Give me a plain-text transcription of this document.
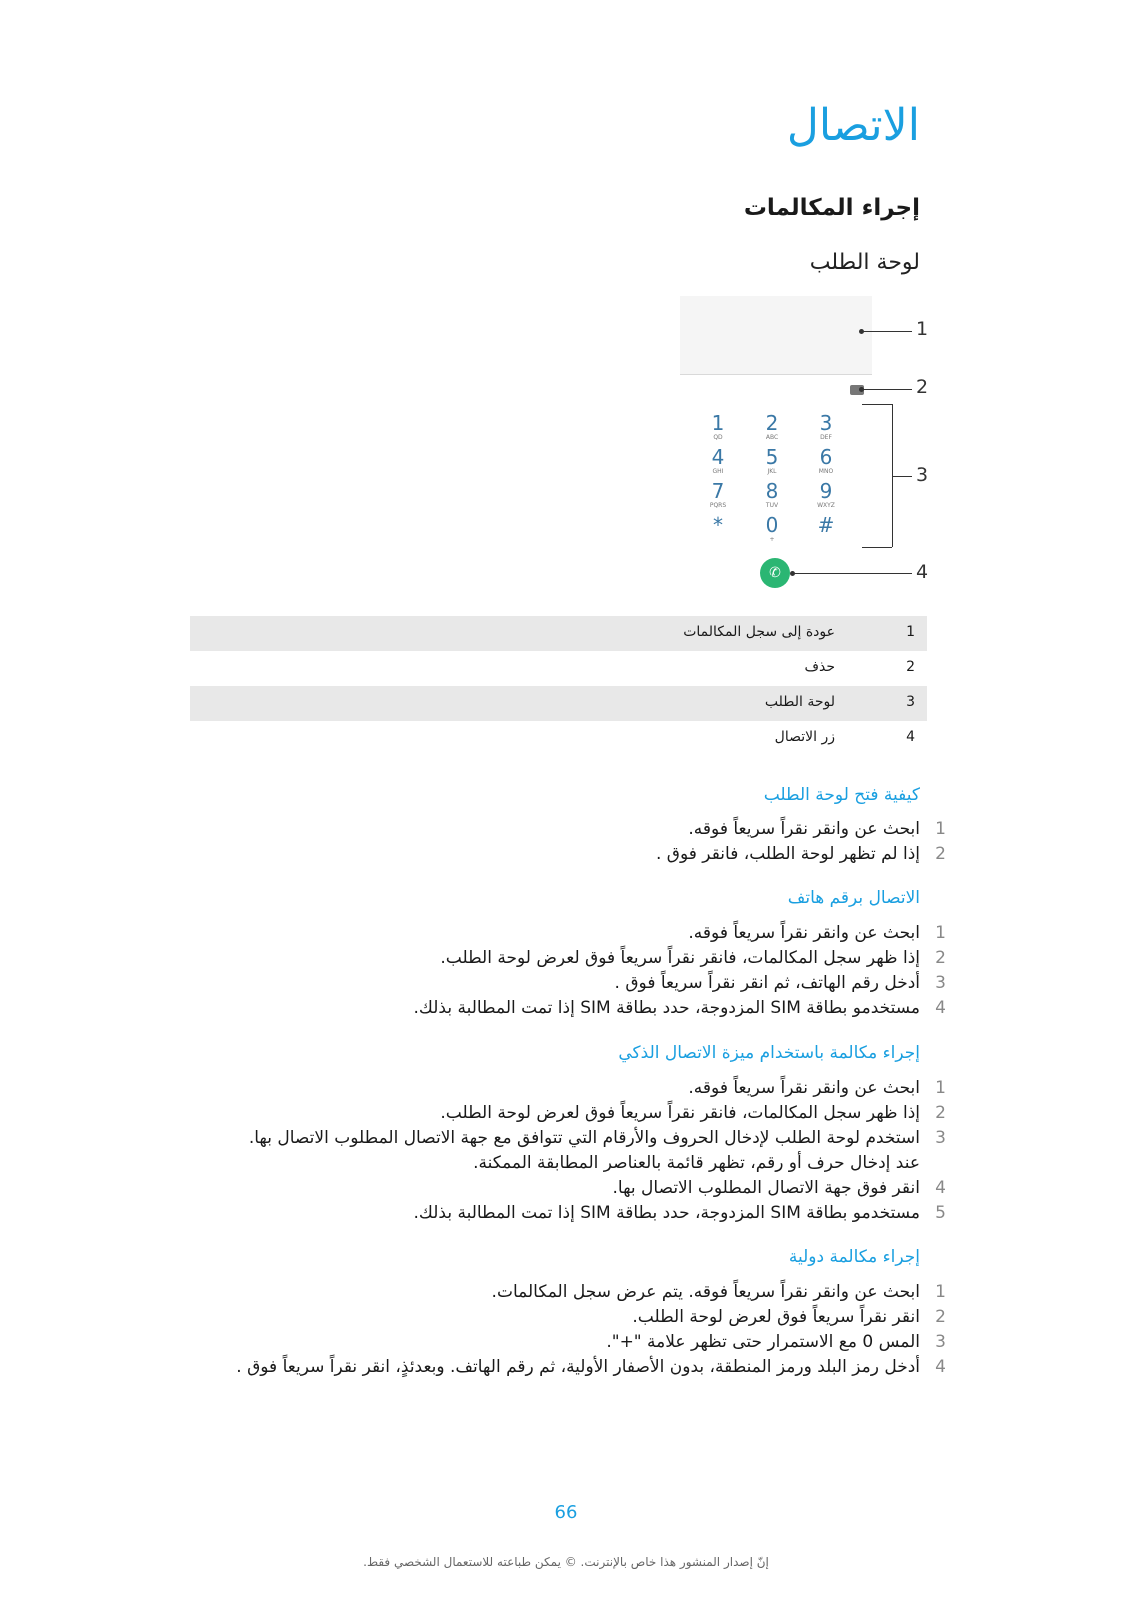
الاتصال
إجراء المكالمات
لوحة الطلب
1
QD
2
ABC
3
DEF
4
GHI
5
JKL
6
MNO
7
PQRS
8
TUV
9
WXYZ
*	0
+
#
✆
1
2
3
4
1
عودة إلى سجل المكالمات
2
حذف
3
لوحة الطلب
4
زر الاتصال
كيفية فتح لوحة الطلب
1
ابحث عن وانقر نقراً سريعاً فوقه.
2
إذا لم تظهر لوحة الطلب، فانقر فوق .
الاتصال برقم هاتف
1
ابحث عن وانقر نقراً سريعاً فوقه.
2
إذا ظهر سجل المكالمات، فانقر نقراً سريعاً فوق لعرض لوحة الطلب.
3
أدخل رقم الهاتف، ثم انقر نقراً سريعاً فوق .
4
مستخدمو بطاقة SIM المزدوجة، حدد بطاقة SIM إذا تمت المطالبة بذلك.
إجراء مكالمة باستخدام ميزة الاتصال الذكي
1
ابحث عن وانقر نقراً سريعاً فوقه.
2
إذا ظهر سجل المكالمات، فانقر نقراً سريعاً فوق لعرض لوحة الطلب.
3
استخدم لوحة الطلب لإدخال الحروف والأرقام التي تتوافق مع جهة الاتصال المطلوب الاتصال بها. عند إدخال حرف أو رقم، تظهر قائمة بالعناصر المطابقة الممكنة.
4
انقر فوق جهة الاتصال المطلوب الاتصال بها.
5
مستخدمو بطاقة SIM المزدوجة، حدد بطاقة SIM إذا تمت المطالبة بذلك.
إجراء مكالمة دولية
1
ابحث عن وانقر نقراً سريعاً فوقه. يتم عرض سجل المكالمات.
2
انقر نقراً سريعاً فوق لعرض لوحة الطلب.
3
المس 0 مع الاستمرار حتى تظهر علامة "+".
4
أدخل رمز البلد ورمز المنطقة، بدون الأصفار الأولية، ثم رقم الهاتف. وبعدئذٍ، انقر نقراً سريعاً فوق .
66
إنّ إصدار المنشور هذا خاص بالإنترنت. © يمكن طباعته للاستعمال الشخصي فقط.
